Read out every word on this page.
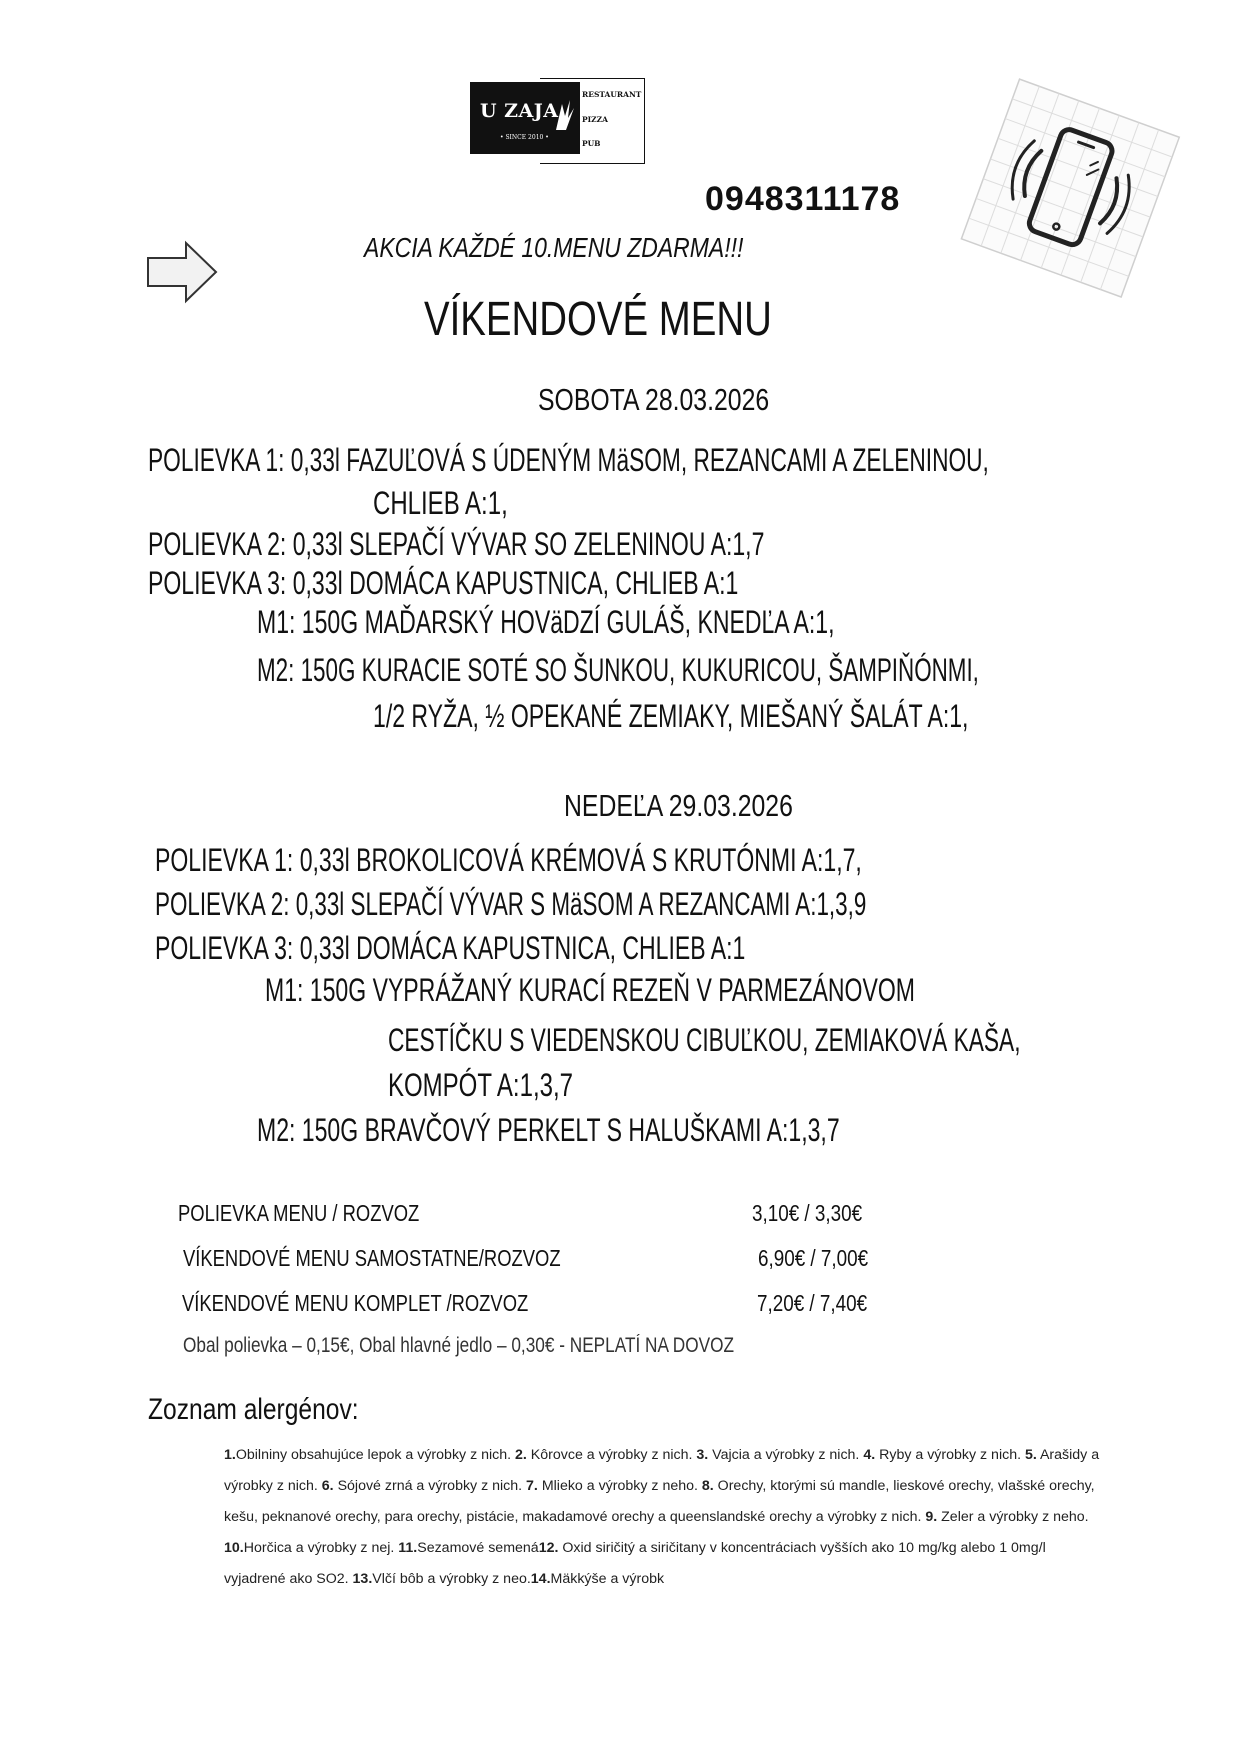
U ZAJA
• SINCE 2010 •
RESTAURANT
PIZZA
PUB
0948311178
AKCIA KAŽDÉ 10.MENU ZDARMA!!!
VÍKENDOVÉ MENU
SOBOTA 28.03.2026
POLIEVKA 1: 0,33l FAZUĽOVÁ S ÚDENÝM MäSOM, REZANCAMI A ZELENINOU,
CHLIEB A:1,
POLIEVKA 2: 0,33l SLEPAČÍ VÝVAR SO ZELENINOU A:1,7
POLIEVKA 3: 0,33l DOMÁCA KAPUSTNICA, CHLIEB A:1
M1: 150G MAĎARSKÝ HOVäDZÍ GULÁŠ, KNEDĽA A:1,
M2: 150G KURACIE SOTÉ SO ŠUNKOU, KUKURICOU, ŠAMPIŇÓNMI,
1/2 RYŽA, ½ OPEKANÉ ZEMIAKY, MIEŠANÝ ŠALÁT A:1,
NEDEĽA 29.03.2026
POLIEVKA 1: 0,33l BROKOLICOVÁ KRÉMOVÁ S KRUTÓNMI A:1,7,
POLIEVKA 2: 0,33l SLEPAČÍ VÝVAR S MäSOM A REZANCAMI A:1,3,9
POLIEVKA 3: 0,33l DOMÁCA KAPUSTNICA, CHLIEB A:1
M1: 150G VYPRÁŽANÝ KURACÍ REZEŇ V PARMEZÁNOVOM
CESTÍČKU S VIEDENSKOU CIBUĽKOU, ZEMIAKOVÁ KAŠA,
KOMPÓT A:1,3,7
M2: 150G BRAVČOVÝ PERKELT S HALUŠKAMI A:1,3,7
POLIEVKA MENU / ROZVOZ	3,10€ / 3,30€
VÍKENDOVÉ MENU SAMOSTATNE/ROZVOZ	6,90€ / 7,00€
VÍKENDOVÉ MENU KOMPLET /ROZVOZ	7,20€ / 7,40€
Obal polievka – 0,15€, Obal hlavné jedlo – 0,30€ - NEPLATÍ NA DOVOZ
Zoznam alergénov:
1.Obilniny obsahujúce lepok a výrobky z nich. 2. Kôrovce a výrobky z nich. 3. Vajcia a výrobky z nich. 4. Ryby a výrobky z nich. 5. Arašidy a výrobky z nich. 6. Sójové zrná a výrobky z nich. 7. Mlieko a výrobky z neho. 8. Orechy, ktorými sú mandle, lieskové orechy, vlašské orechy, kešu, peknanové orechy, para orechy, pistácie, makadamové orechy a queenslandské orechy a výrobky z nich. 9. Zeler a výrobky z neho. 10.Horčica a výrobky z nej. 11.Sezamové semená12. Oxid siričitý a siričitany v koncentráciach vyšších ako 10 mg/kg alebo 1 0mg/l vyjadrené ako SO2. 13.Vlčí bôb a výrobky z neo.14.Mäkkýše a výrobk
